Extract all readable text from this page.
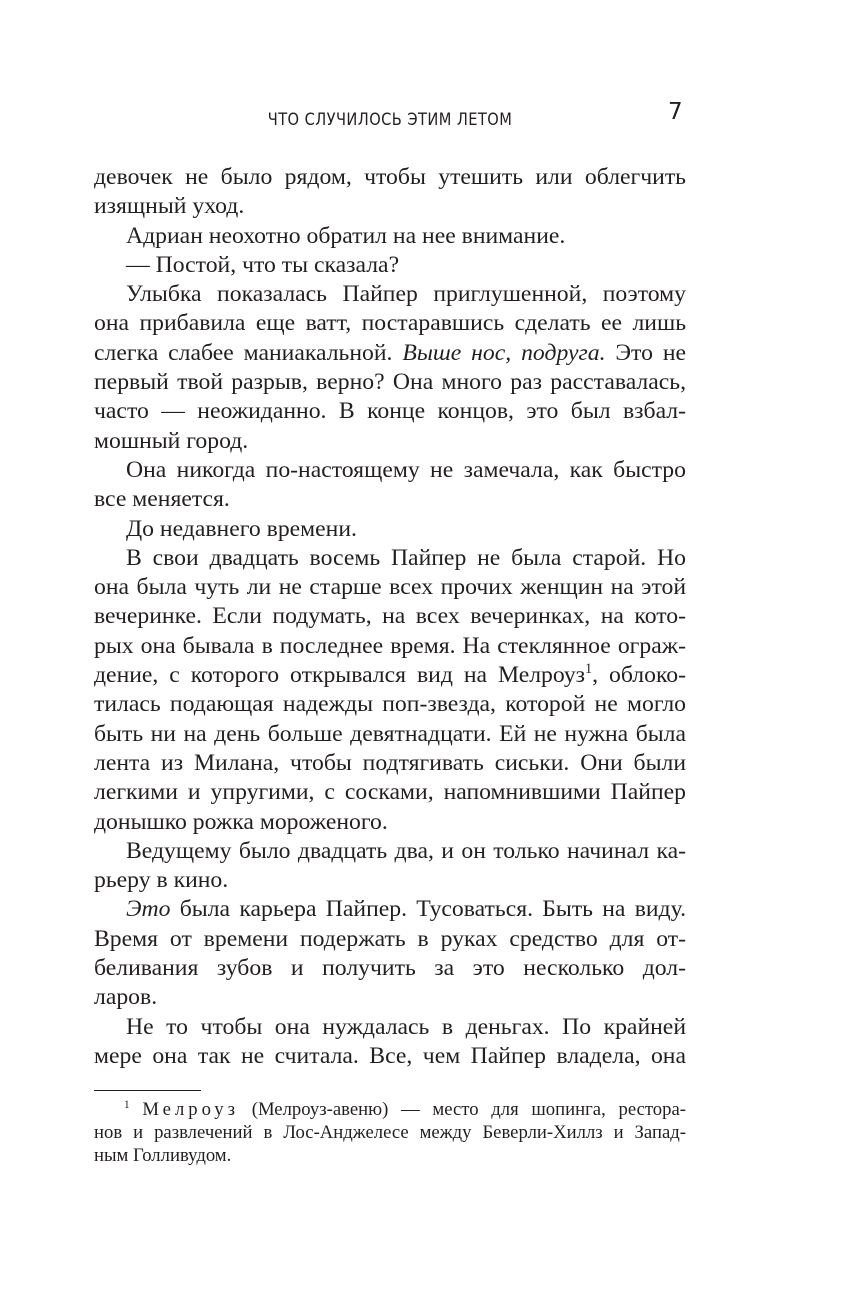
ЧТО СЛУЧИЛОСЬ ЭТИМ ЛЕТОМ	7
девочек не было рядом, чтобы утешить или облегчить
изящный уход.
Адриан неохотно обратил на нее внимание.
— Постой, что ты сказала?
Улыбка показалась Пайпер приглушенной, поэтому
она прибавила еще ватт, постаравшись сделать ее лишь
слегка слабее маниакальной. Выше нос, подруга. Это не
первый твой разрыв, верно? Она много раз расставалась,
часто — неожиданно. В конце концов, это был взбал-
мошный город.
Она никогда по-настоящему не замечала, как быстро
все меняется.
До недавнего времени.
В свои двадцать восемь Пайпер не была старой. Но
она была чуть ли не старше всех прочих женщин на этой
вечеринке. Если подумать, на всех вечеринках, на кото-
рых она бывала в последнее время. На стеклянное ограж-
дение, с которого открывался вид на Мелроуз$^1$, облоко-
тилась подающая надежды поп-звезда, которой не могло
быть ни на день больше девятнадцати. Ей не нужна была
лента из Милана, чтобы подтягивать сиськи. Они были
легкими и упругими, с сосками, напомнившими Пайпер
донышко рожка мороженого.
Ведущему было двадцать два, и он только начинал ка-
рьеру в кино.
Это была карьера Пайпер. Тусоваться. Быть на виду.
Время от времени подержать в руках средство для от-
беливания зубов и получить за это несколько дол-
ларов.
Не то чтобы она нуждалась в деньгах. По крайней
мере она так не считала. Все, чем Пайпер владела, она
$^1$ Мелроуз (Мелроуз-авеню) — место для шопинга, рестора-
нов и развлечений в Лос-Анджелесе между Беверли-Хиллз и Запад-
ным Голливудом.
